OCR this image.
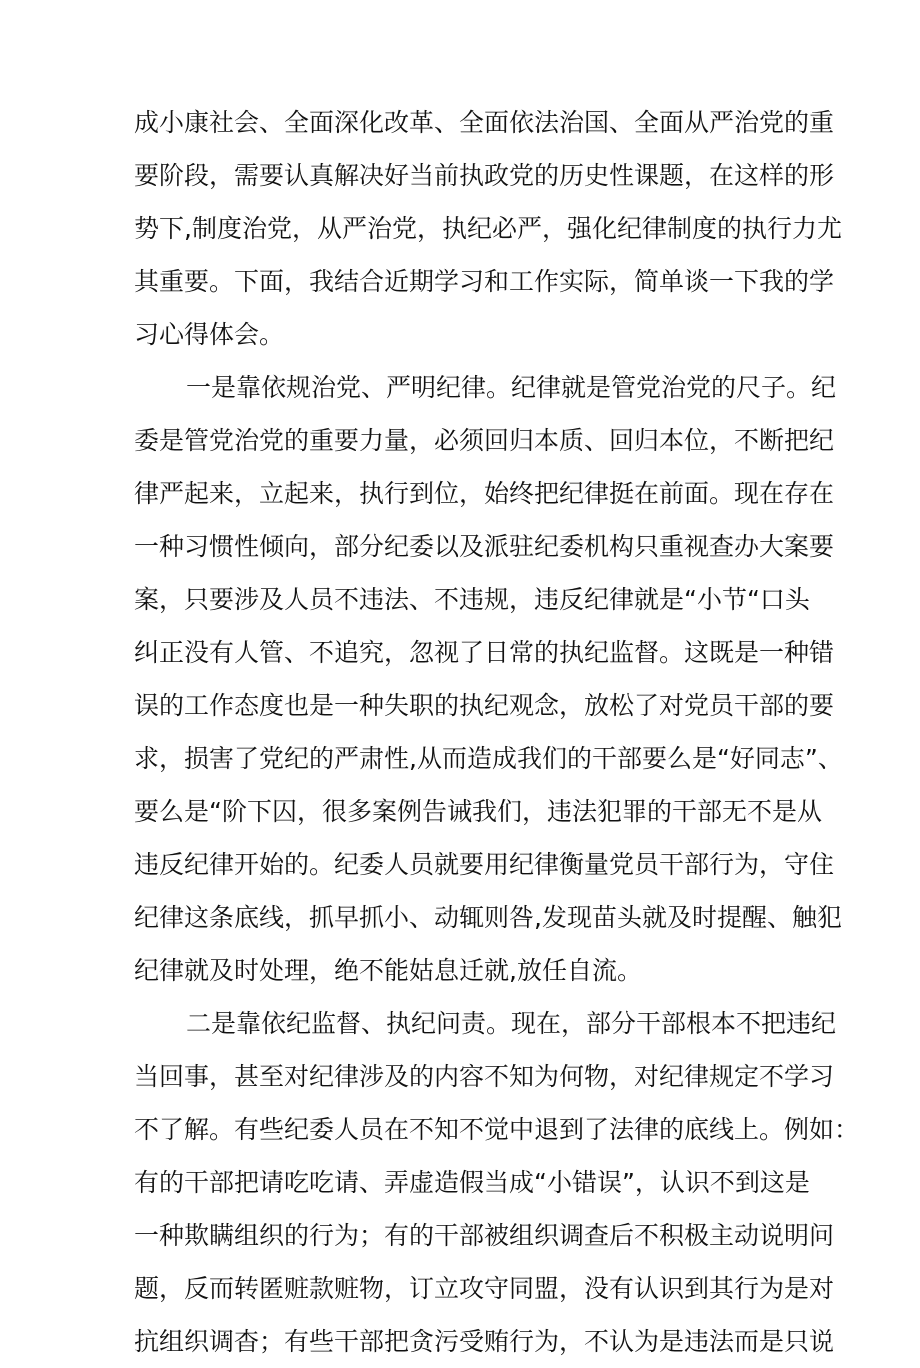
成小康社会、全面深化改革、全面依法治国、全面从严治党的重
要阶段，需要认真解决好当前执政党的历史性课题，在这样的形
势下,制度治党，从严治党，执纪必严，强化纪律制度的执行力尤
其重要。下面，我结合近期学习和工作实际，简单谈一下我的学
习心得体会。
一是靠依规治党、严明纪律。纪律就是管党治党的尺子。纪
委是管党治党的重要力量，必须回归本质、回归本位，不断把纪
律严起来，立起来，执行到位，始终把纪律挺在前面。现在存在
一种习惯性倾向，部分纪委以及派驻纪委机构只重视查办大案要
案，只要涉及人员不违法、不违规，违反纪律就是“小节“口头
纠正没有人管、不追究，忽视了日常的执纪监督。这既是一种错
误的工作态度也是一种失职的执纪观念，放松了对党员干部的要
求，损害了党纪的严肃性,从而造成我们的干部要么是“好同志”、
要么是“阶下囚，很多案例告诫我们，违法犯罪的干部无不是从
违反纪律开始的。纪委人员就要用纪律衡量党员干部行为，守住
纪律这条底线，抓早抓小、动辄则咎,发现苗头就及时提醒、触犯
纪律就及时处理，绝不能姑息迁就,放任自流。
二是靠依纪监督、执纪问责。现在，部分干部根本不把违纪
当回事，甚至对纪律涉及的内容不知为何物，对纪律规定不学习
不了解。有些纪委人员在不知不觉中退到了法律的底线上。例如：
有的干部把请吃吃请、弄虚造假当成“小错误”，认识不到这是
一种欺瞒组织的行为；有的干部被组织调查后不积极主动说明问
题，反而转匿赃款赃物，订立攻守同盟，没有认识到其行为是对
抗组织调杳；有些干部把贪污受贿行为，不认为是违法而是只说
